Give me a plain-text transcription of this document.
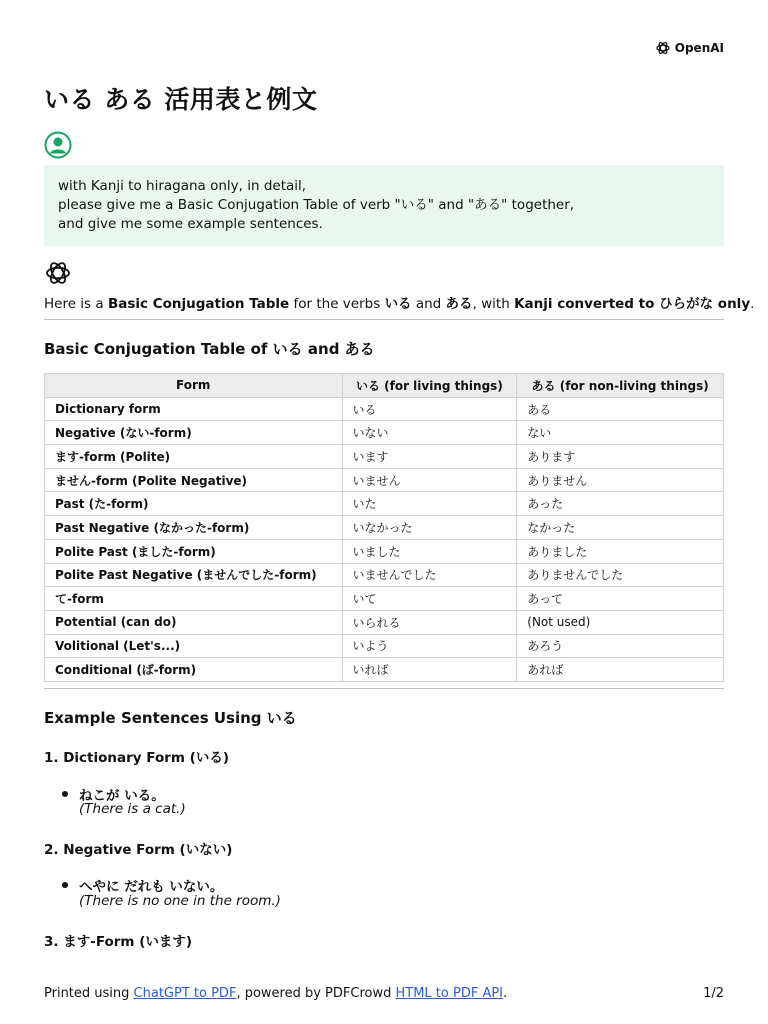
OpenAI
いる ある 活用表と例文
with Kanji to hiragana only, in detail,
please give me a Basic Conjugation Table of verb "いる" and "ある" together,
and give me some example sentences.
Here is a Basic Conjugation Table for the verbs いる and ある, with Kanji converted to ひらがな only.
Basic Conjugation Table of いる and ある
Form	いる (for living things)	ある (for non-living things)
Dictionary form	いる	ある
Negative (ない-form)	いない	ない
ます-form (Polite)	います	あります
ません-form (Polite Negative)	いません	ありません
Past (た-form)	いた	あった
Past Negative (なかった-form)	いなかった	なかった
Polite Past (ました-form)	いました	ありました
Polite Past Negative (ませんでした-form)	いませんでした	ありませんでした
て-form	いて	あって
Potential (can do)	いられる	(Not used)
Volitional (Let's...)	いよう	あろう
Conditional (ば-form)	いれば	あれば
Example Sentences Using いる
1. Dictionary Form (いる)
ねこが いる。
(There is a cat.)
2. Negative Form (いない)
へやに だれも いない。
(There is no one in the room.)
3. ます-Form (います)
Printed using ChatGPT to PDF, powered by PDFCrowd HTML to PDF API.	1/2
